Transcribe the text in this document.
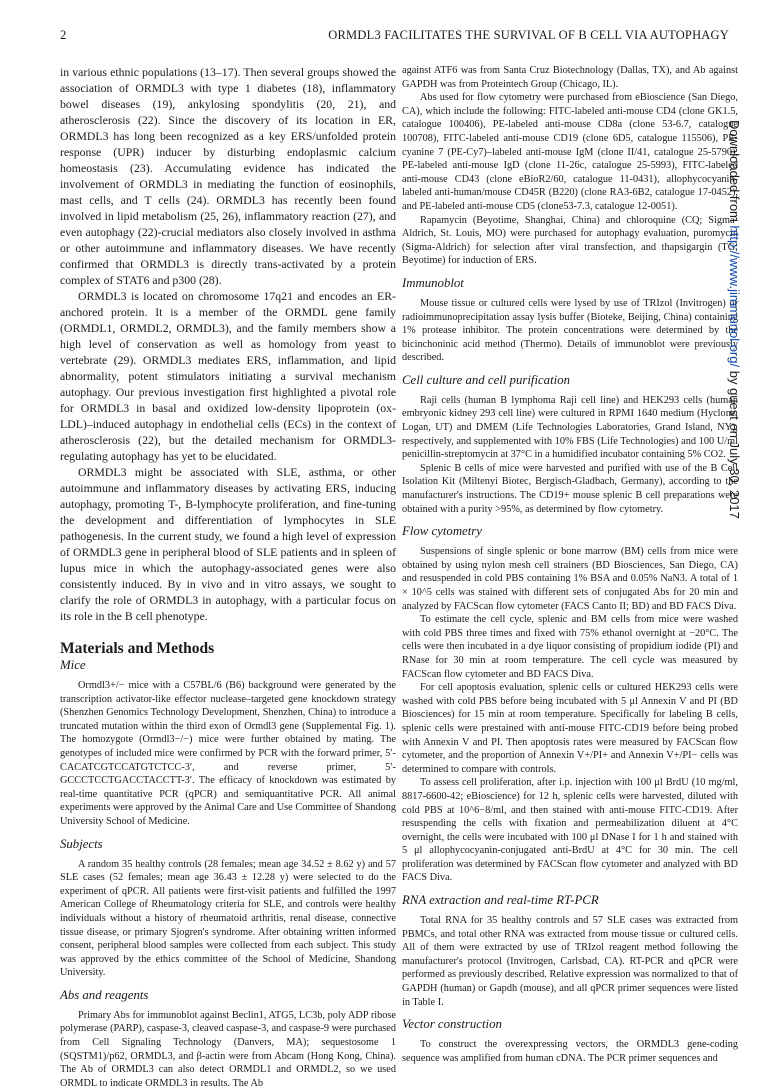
2	ORMDL3 FACILITATES THE SURVIVAL OF B CELL VIA AUTOPHAGY

in various ethnic populations (13–17). Then several groups showed the association of ORMDL3 with type 1 diabetes (18), inflammatory bowel diseases (19), ankylosing spondylitis (20, 21), and atherosclerosis (22). Since the discovery of its location in ER, ORMDL3 has long been recognized as a key ERS/unfolded protein response (UPR) inducer by disturbing endoplasmic calcium homeostasis (23). Accumulating evidence has indicated the involvement of ORMDL3 in mediating the function of eosinophils, mast cells, and T cells (24). ORMDL3 has recently been found involved in lipid metabolism (25, 26), inflammatory reaction (27), and even autophagy (22)-crucial mediators also closely involved in asthma or other autoimmune and inflammatory diseases. We have recently confirmed that ORMDL3 is directly trans-activated by a protein complex of STAT6 and p300 (28).

ORMDL3 is located on chromosome 17q21 and encodes an ER-anchored protein. It is a member of the ORMDL gene family (ORMDL1, ORMDL2, ORMDL3), and the family members show a high level of conservation as well as homology from yeast to vertebrate (29). ORMDL3 mediates ERS, inflammation, and lipid abnormality, potent stimulators initiating a survival mechanism autophagy. Our previous investigation first highlighted a pivotal role for ORMDL3 in basal and oxidized low-density lipoprotein (ox-LDL)–induced autophagy in endothelial cells (ECs) in the context of atherosclerosis (22), but the detailed mechanism for ORMDL3-regulating autophagy has yet to be elucidated.

ORMDL3 might be associated with SLE, asthma, or other autoimmune and inflammatory diseases by activating ERS, inducing autophagy, promoting T-, B-lymphocyte proliferation, and fine-tuning the development and differentiation of lymphocytes in SLE pathogenesis. In the current study, we found a high level of expression of ORMDL3 gene in peripheral blood of SLE patients and in spleen of lupus mice in which the autophagy-associated genes were also consistently induced. By in vivo and in vitro assays, we sought to clarify the role of ORMDL3 in autophagy, with a particular focus on its role in the B cell phenotype.

Materials and Methods
Mice

Ormdl3+/− mice with a C57BL/6 (B6) background were generated by the transcription activator-like effector nuclease–targeted gene knockdown strategy (Shenzhen Genomics Technology Development, Shenzhen, China) to introduce a truncated mutation within the third exon of Ormdl3 gene (Supplemental Fig. 1). The homozygote (Ormdl3−/−) mice were further obtained by mating. The genotypes of included mice were confirmed by PCR with the forward primer, 5′-CACATCGTCCATGTCTCC-3′, and reverse primer, 5′-GCCCTCCTGACCTACCTT-3′. The efficacy of knockdown was estimated by real-time quantitative PCR (qPCR) and semiquantitative PCR. All animal experiments were approved by the Animal Care and Use Committee of Shandong University School of Medicine.

Subjects

A random 35 healthy controls (28 females; mean age 34.52 ± 8.62 y) and 57 SLE cases (52 females; mean age 36.43 ± 12.28 y) were selected to do the experiment of qPCR. All patients were first-visit patients and fulfilled the 1997 American College of Rheumatology criteria for SLE, and controls were healthy individuals without a history of rheumatoid arthritis, renal disease, connective tissue disease, or primary Sjogren's syndrome. After obtaining written informed consent, peripheral blood samples were collected from each subject. This study was approved by the ethics committee of the School of Medicine, Shandong University.

Abs and reagents

Primary Abs for immunoblot against Beclin1, ATG5, LC3b, poly ADP ribose polymerase (PARP), caspase-3, cleaved caspase-3, and caspase-9 were purchased from Cell Signaling Technology (Danvers, MA); sequestosome 1 (SQSTM1)/p62, ORMDL3, and β-actin were from Abcam (Hong Kong, China). The Ab of ORMDL3 can also detect ORMDL1 and ORMDL2, so we used ORMDL to indicate ORMDL3 in results. The Ab

against ATF6 was from Santa Cruz Biotechnology (Dallas, TX), and Ab against GAPDH was from Proteintech Group (Chicago, IL).

Abs used for flow cytometry were purchased from eBioscience (San Diego, CA), which include the following: FITC-labeled anti-mouse CD4 (clone GK1.5, catalogue 100406), PE-labeled anti-mouse CD8a (clone 53-6.7, catalogue 100708), FITC-labeled anti-mouse CD19 (clone 6D5, catalogue 115506), PE-cyanine 7 (PE-Cy7)–labeled anti-mouse IgM (clone II/41, catalogue 25-5790), PE-labeled anti-mouse IgD (clone 11-26c, catalogue 25-5993), FITC-labeled anti-mouse CD43 (clone eBioR2/60, catalogue 11-0431), allophycocyanin-labeled anti-human/mouse CD45R (B220) (clone RA3-6B2, catalogue 17-0452), and PE-labeled anti-mouse CD5 (clone53-7.3, catalogue 12-0051).

Rapamycin (Beyotime, Shanghai, China) and chloroquine (CQ; Sigma-Aldrich, St. Louis, MO) were purchased for autophagy evaluation, puromycin (Sigma-Aldrich) for selection after viral transfection, and thapsigargin (TG; Beyotime) for induction of ERS.

Immunoblot

Mouse tissue or cultured cells were lysed by use of TRIzol (Invitrogen) or radioimmunoprecipitation assay lysis buffer (Bioteke, Beijing, China) containing 1% protease inhibitor. The protein concentrations were determined by the bicinchoninic acid method (Thermo). Details of immunoblot were previously described.

Cell culture and cell purification

Raji cells (human B lymphoma Raji cell line) and HEK293 cells (human embryonic kidney 293 cell line) were cultured in RPMI 1640 medium (Hyclone, Logan, UT) and DMEM (Life Technologies Laboratories, Grand Island, NY), respectively, and supplemented with 10% FBS (Life Technologies) and 100 U/ml penicillin-streptomycin at 37°C in a humidified incubator containing 5% CO2.

Splenic B cells of mice were harvested and purified with use of the B Cell Isolation Kit (Miltenyi Biotec, Bergisch-Gladbach, Germany), according to the manufacturer's instructions. The CD19+ mouse splenic B cell preparations were obtained with a purity >95%, as determined by flow cytometry.

Flow cytometry

Suspensions of single splenic or bone marrow (BM) cells from mice were obtained by using nylon mesh cell strainers (BD Biosciences, San Diego, CA) and resuspended in cold PBS containing 1% BSA and 0.05% NaN3. A total of 1 × 10^5 cells was stained with different sets of conjugated Abs for 20 min and analyzed by FACScan flow cytometer (FACS Canto II; BD) and BD FACS Diva.

To estimate the cell cycle, splenic and BM cells from mice were washed with cold PBS three times and fixed with 75% ethanol overnight at −20°C. The cells were then incubated in a dye liquor consisting of propidium iodide (PI) and RNase for 30 min at room temperature. The cell cycle was measured by FACScan flow cytometer and BD FACS Diva.

For cell apoptosis evaluation, splenic cells or cultured HEK293 cells were washed with cold PBS before being incubated with 5 μl Annexin V and PI (BD Biosciences) for 15 min at room temperature. Specifically for labeling B cells, splenic cells were prestained with anti-mouse FITC-CD19 before being probed with Annexin V and PI. Then apoptosis rates were measured by FACScan flow cytometer, and the proportion of Annexin V+/PI+ and Annexin V+/PI− cells was determined to compare with controls.

To assess cell proliferation, after i.p. injection with 100 μl BrdU (10 mg/ml, 8817-6600-42; eBioscience) for 12 h, splenic cells were harvested, diluted with cold PBS at 10^6−8/ml, and then stained with anti-mouse FITC-CD19. After resuspending the cells with fixation and permeabilization diluent at 4°C overnight, the cells were incubated with 100 μl DNase I for 1 h and stained with 5 μl allophycocyanin-conjugated anti-BrdU at 4°C for 30 min. The cell proliferation was determined by FACScan flow cytometer and analyzed with BD FACS Diva.

RNA extraction and real-time RT-PCR

Total RNA for 35 healthy controls and 57 SLE cases was extracted from PBMCs, and total other RNA was extracted from mouse tissue or cultured cells. All of them were extracted by use of TRIzol reagent method following the manufacturer's protocol (Invitrogen, Carlsbad, CA). RT-PCR and qPCR were performed as previously described. Relative expression was normalized to that of GAPDH (human) or Gapdh (mouse), and all qPCR primer sequences were listed in Table I.

Vector construction

To construct the overexpressing vectors, the ORMDL3 gene-coding sequence was amplified from human cDNA. The PCR primer sequences and

Downloaded from http://www.jimmunol.org/ by guest on July 30, 2017
